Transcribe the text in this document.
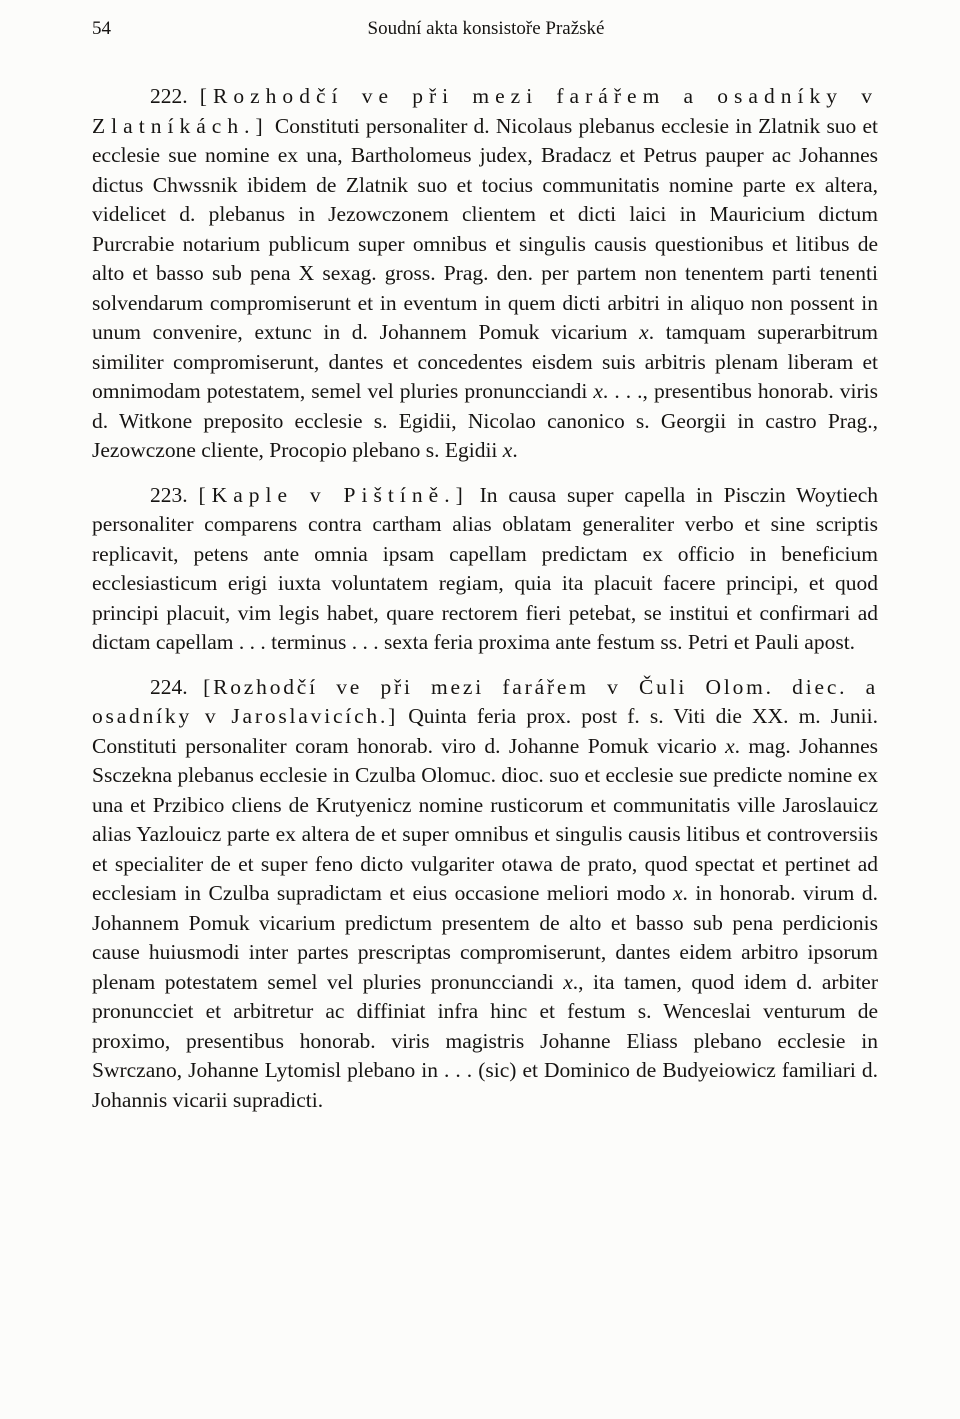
54	Soudní akta konsistoře Pražské

222. [Rozhodčí ve při mezi farářem a osadníky v Zlatníkách.] Constituti personaliter d. Nicolaus plebanus ecclesie in Zlatnik suo et ecclesie sue nomine ex una, Bartholomeus judex, Bradacz et Petrus pauper ac Johannes dictus Chwssnik ibidem de Zlatnik suo et tocius communitatis nomine parte ex altera, videlicet d. plebanus in Jezowczonem clientem et dicti laici in Mauricium dictum Purcrabie notarium publicum super omnibus et singulis causis questionibus et litibus de alto et basso sub pena X sexag. gross. Prag. den. per partem non tenentem parti tenenti solvendarum compromiserunt et in eventum in quem dicti arbitri in aliquo non possent in unum convenire, extunc in d. Johannem Pomuk vicarium x. tamquam superarbitrum similiter compromiserunt, dantes et concedentes eisdem suis arbitris plenam liberam et omnimodam potestatem, semel vel pluries pronuncciandi x. . . ., presentibus honorab. viris d. Witkone preposito ecclesie s. Egidii, Nicolao canonico s. Georgii in castro Prag., Jezowczone cliente, Procopio plebano s. Egidii x.

223. [Kaple v Pištíně.] In causa super capella in Pisczin Woytiech personaliter comparens contra cartham alias oblatam generaliter verbo et sine scriptis replicavit, petens ante omnia ipsam capellam predictam ex officio in beneficium ecclesiasticum erigi iuxta voluntatem regiam, quia ita placuit facere principi, et quod principi placuit, vim legis habet, quare rectorem fieri petebat, se institui et confirmari ad dictam capellam . . . terminus . . . sexta feria proxima ante festum ss. Petri et Pauli apost.

224. [Rozhodčí ve při mezi farářem v Čuli Olom. diec. a osadníky v Jaroslavicích.] Quinta feria prox. post f. s. Viti die XX. m. Junii. Constituti personaliter coram honorab. viro d. Johanne Pomuk vicario x. mag. Johannes Ssczekna plebanus ecclesie in Czulba Olomuc. dioc. suo et ecclesie sue predicte nomine ex una et Przibico cliens de Krutyenicz nomine rusticorum et communitatis ville Jaroslauicz alias Yazlouicz parte ex altera de et super omnibus et singulis causis litibus et controversiis et specialiter de et super feno dicto vulgariter otawa de prato, quod spectat et pertinet ad ecclesiam in Czulba supradictam et eius occasione meliori modo x. in honorab. virum d. Johannem Pomuk vicarium predictum presentem de alto et basso sub pena perdicionis cause huiusmodi inter partes prescriptas compromiserunt, dantes eidem arbitro ipsorum plenam potestatem semel vel pluries pronuncciandi x., ita tamen, quod idem d. arbiter pronuncciet et arbitretur ac diffiniat infra hinc et festum s. Wenceslai venturum de proximo, presentibus honorab. viris magistris Johanne Eliass plebano ecclesie in Swrczano, Johanne Lytomisl plebano in . . . (sic) et Dominico de Budyeiowicz familiari d. Johannis vicarii supradicti.
